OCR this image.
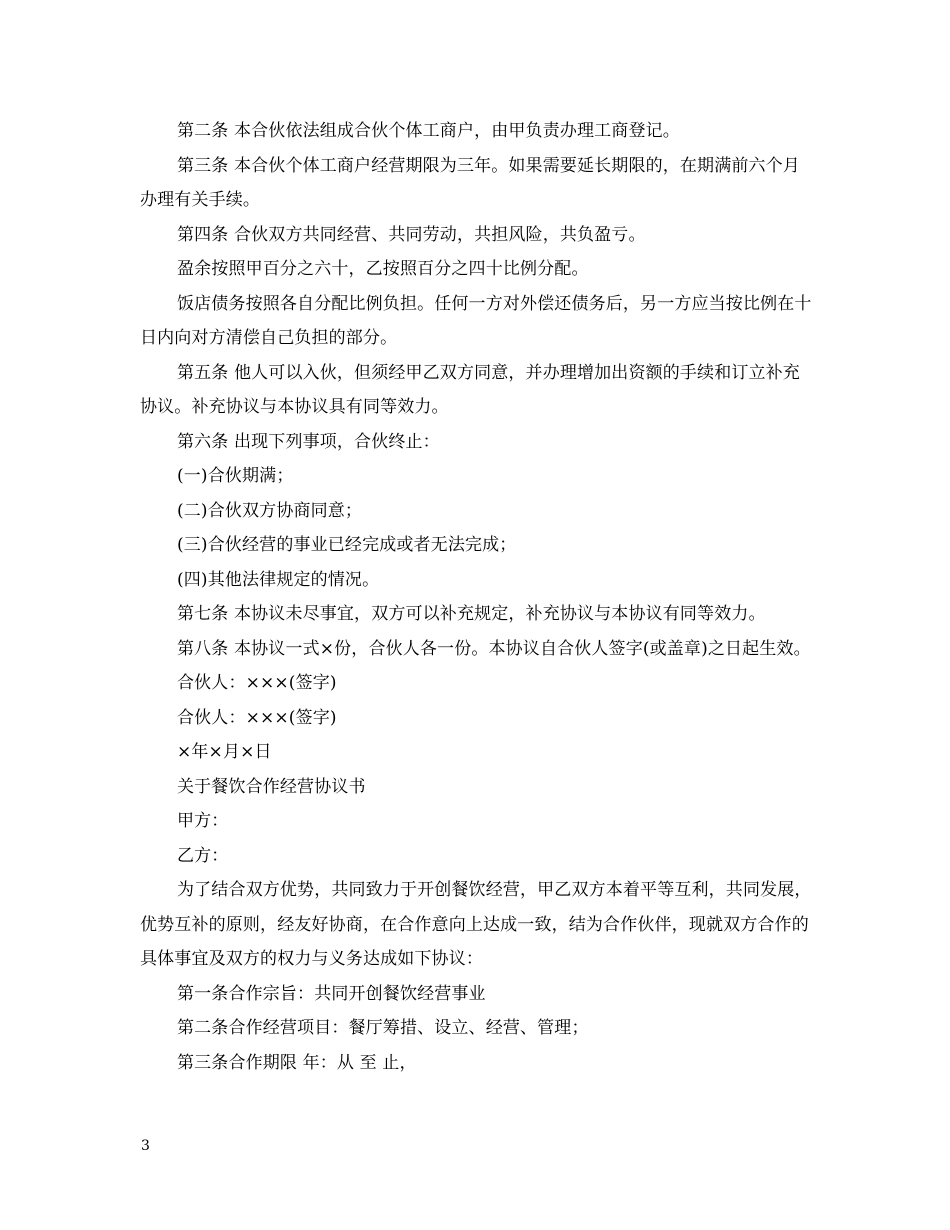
第二条 本合伙依法组成合伙个体工商户，由甲负责办理工商登记。

第三条 本合伙个体工商户经营期限为三年。如果需要延长期限的，在期满前六个月办理有关手续。

第四条 合伙双方共同经营、共同劳动，共担风险，共负盈亏。

盈余按照甲百分之六十，乙按照百分之四十比例分配。

饭店债务按照各自分配比例负担。任何一方对外偿还债务后，另一方应当按比例在十日内向对方清偿自己负担的部分。

第五条 他人可以入伙，但须经甲乙双方同意，并办理增加出资额的手续和订立补充协议。补充协议与本协议具有同等效力。

第六条 出现下列事项，合伙终止：

(一)合伙期满；

(二)合伙双方协商同意；

(三)合伙经营的事业已经完成或者无法完成；

(四)其他法律规定的情况。

第七条 本协议未尽事宜，双方可以补充规定，补充协议与本协议有同等效力。

第八条 本协议一式×份，合伙人各一份。本协议自合伙人签字(或盖章)之日起生效。

合伙人：×××(签字)

合伙人：×××(签字)

×年×月×日

关于餐饮合作经营协议书

甲方：

乙方：

为了结合双方优势，共同致力于开创餐饮经营，甲乙双方本着平等互利，共同发展，优势互补的原则，经友好协商，在合作意向上达成一致，结为合作伙伴，现就双方合作的具体事宜及双方的权力与义务达成如下协议：

第一条合作宗旨：共同开创餐饮经营事业

第二条合作经营项目：餐厅筹措、设立、经营、管理；

第三条合作期限 年：从 至 止，

3
